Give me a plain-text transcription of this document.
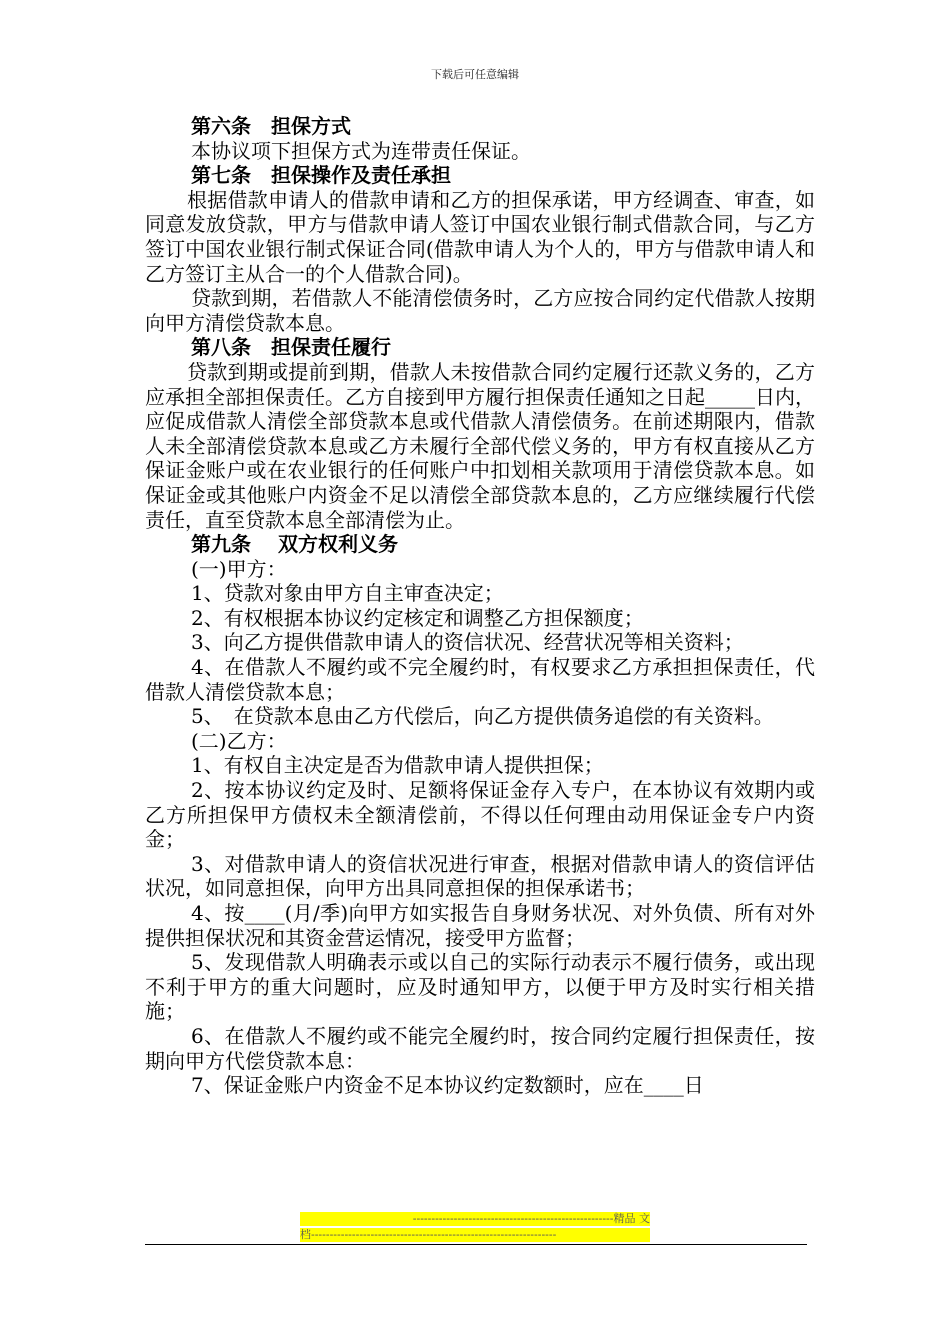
下载后可任意编辑

第六条　担保方式

本协议项下担保方式为连带责任保证。

第七条　担保操作及责任承担

根据借款申请人的借款申请和乙方的担保承诺，甲方经调查、审查，如同意发放贷款，甲方与借款申请人签订中国农业银行制式借款合同，与乙方签订中国农业银行制式保证合同(借款申请人为个人的，甲方与借款申请人和乙方签订主从合一的个人借款合同)。

贷款到期，若借款人不能清偿债务时，乙方应按合同约定代借款人按期向甲方清偿贷款本息。

第八条　担保责任履行

贷款到期或提前到期，借款人未按借款合同约定履行还款义务的，乙方应承担全部担保责任。乙方自接到甲方履行担保责任通知之日起_____日内，应促成借款人清偿全部贷款本息或代借款人清偿债务。在前述期限内，借款人未全部清偿贷款本息或乙方未履行全部代偿义务的，甲方有权直接从乙方保证金账户或在农业银行的任何账户中扣划相关款项用于清偿贷款本息。如保证金或其他账户内资金不足以清偿全部贷款本息的，乙方应继续履行代偿责任，直至贷款本息全部清偿为止。

第九条　 双方权利义务

(一)甲方：

1、贷款对象由甲方自主审查决定；

2、有权根据本协议约定核定和调整乙方担保额度；

3、向乙方提供借款申请人的资信状况、经营状况等相关资料；

4、在借款人不履约或不完全履约时，有权要求乙方承担担保责任，代借款人清偿贷款本息；

5、　在贷款本息由乙方代偿后，向乙方提供债务追偿的有关资料。

(二)乙方：

1、有权自主决定是否为借款申请人提供担保；

2、按本协议约定及时、足额将保证金存入专户，在本协议有效期内或乙方所担保甲方债权未全额清偿前，不得以任何理由动用保证金专户内资金；

3、对借款申请人的资信状况进行审查，根据对借款申请人的资信评估状况，如同意担保，向甲方出具同意担保的担保承诺书；

4、按____(月/季)向甲方如实报告自身财务状况、对外负债、所有对外提供担保状况和其资金营运情况，接受甲方监督；

5、发现借款人明确表示或以自己的实际行动表示不履行债务，或出现不利于甲方的重大问题时，应及时通知甲方，以便于甲方及时实行相关措施；

6、在借款人不履约或不能完全履约时，按合同约定履行担保责任，按期向甲方代偿贷款本息：

7、保证金账户内资金不足本协议约定数额时，应在____日

------------------------------------------------------精品 文
档------------------------------------------------------------------
